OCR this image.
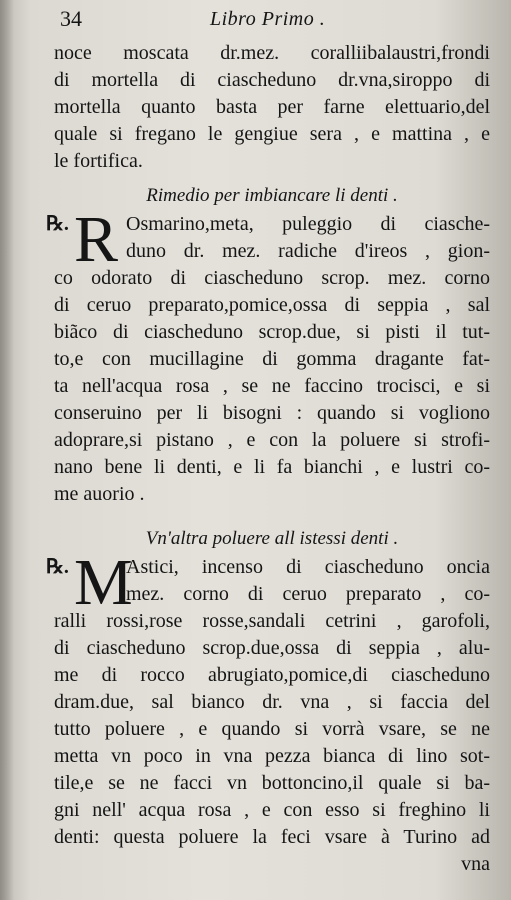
34	Libro Primo .
noce moscata dr.mez. coralliibalaustri,frondi
di mortella di ciascheduno dr.vna,siroppo di
mortella quanto basta per farne elettuario,del
quale si fregano le gengiue sera , e mattina , e
le fortifica.
Rimedio per imbiancare li denti .
℞. R Osmarino,meta, puleggio di ciasche-
duno dr. mez. radiche d'ireos , gion-
co odorato di ciascheduno scrop. mez. corno
di ceruo preparato,pomice,ossa di seppia , sal
biãco di ciascheduno scrop.due, si pisti il tut-
to,e con mucillagine di gomma dragante fat-
ta nell'acqua rosa , se ne faccino trocisci, e si
conseruino per li bisogni : quando si vogliono
adoprare,si pistano , e con la poluere si strofi-
nano bene li denti, e li fa bianchi , e lustri co-
me auorio .
Vn'altra poluere all istessi denti .
℞. M
Astici, incenso di ciascheduno oncia
mez. corno di ceruo preparato , co-
ralli rossi,rose rosse,sandali cetrini , garofoli,
di ciascheduno scrop.due,ossa di seppia , alu-
me di rocco abrugiato,pomice,di ciascheduno
dram.due, sal bianco dr. vna , si faccia del
tutto poluere , e quando si vorrà vsare, se ne
metta vn poco in vna pezza bianca di lino sot-
tile,e se ne facci vn bottoncino,il quale si ba-
gni nell' acqua rosa , e con esso si freghino li
denti: questa poluere la feci vsare à Turino ad
vna
